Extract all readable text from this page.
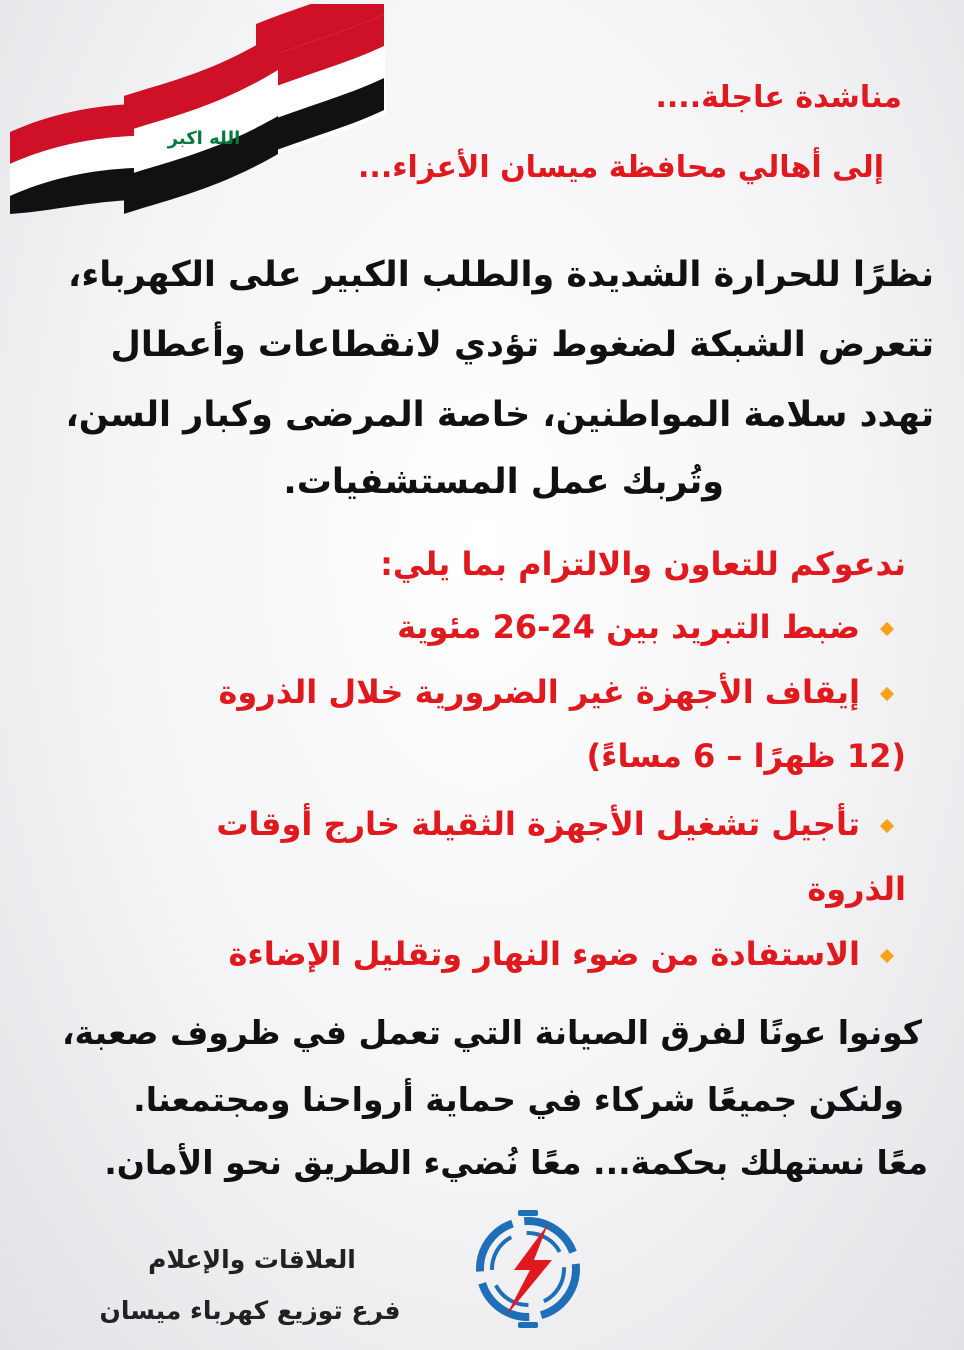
الله اكبر
مناشدة عاجلة....
إلى أهالي محافظة ميسان الأعزاء...
نظرًا للحرارة الشديدة والطلب الكبير على الكهرباء،
تتعرض الشبكة لضغوط تؤدي لانقطاعات وأعطال
تهدد سلامة المواطنين، خاصة المرضى وكبار السن،
وتُربك عمل المستشفيات.
ندعوكم للتعاون والالتزام بما يلي:
ضبط التبريد بين 24-26 مئوية
إيقاف الأجهزة غير الضرورية خلال الذروة
(12 ظهرًا – 6 مساءً)
تأجيل تشغيل الأجهزة الثقيلة خارج أوقات
الذروة
الاستفادة من ضوء النهار وتقليل الإضاءة
كونوا عونًا لفرق الصيانة التي تعمل في ظروف صعبة،
ولنكن جميعًا شركاء في حماية أرواحنا ومجتمعنا.
معًا نستهلك بحكمة... معًا نُضيء الطريق نحو الأمان.
العلاقات والإعلام
فرع توزيع كهرباء ميسان
